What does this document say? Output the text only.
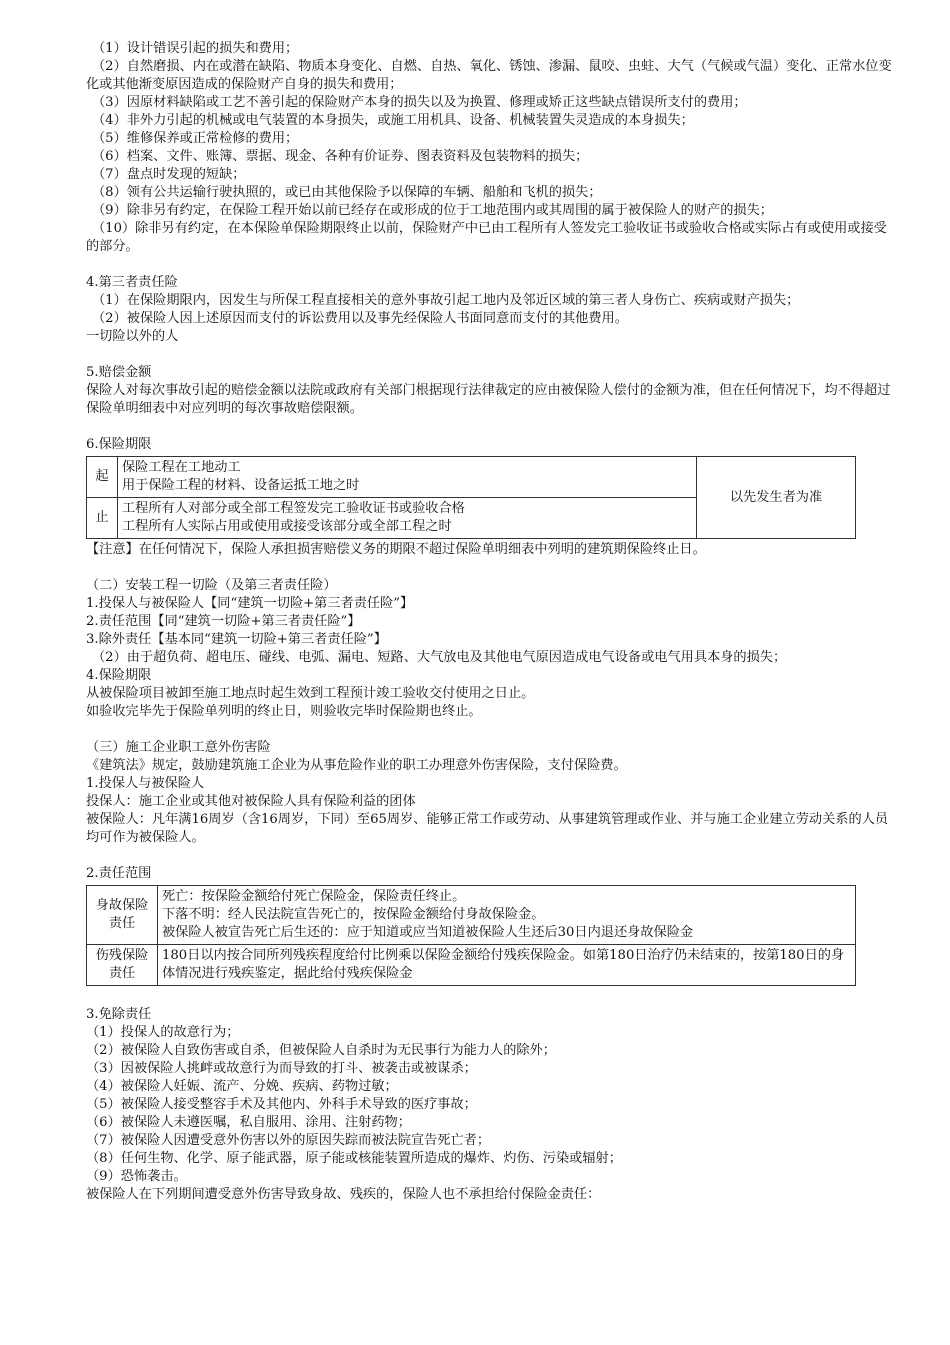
（1）设计错误引起的损失和费用；

（2）自然磨损、内在或潜在缺陷、物质本身变化、自燃、自热、氧化、锈蚀、渗漏、鼠咬、虫蛀、大气（气候或气温）变化、正常水位变化或其他渐变原因造成的保险财产自身的损失和费用；

（3）因原材料缺陷或工艺不善引起的保险财产本身的损失以及为换置、修理或矫正这些缺点错误所支付的费用；

（4）非外力引起的机械或电气装置的本身损失，或施工用机具、设备、机械装置失灵造成的本身损失；

（5）维修保养或正常检修的费用；

（6）档案、文件、账簿、票据、现金、各种有价证券、图表资料及包装物料的损失；

（7）盘点时发现的短缺；

（8）领有公共运输行驶执照的，或已由其他保险予以保障的车辆、船舶和飞机的损失；

（9）除非另有约定，在保险工程开始以前已经存在或形成的位于工地范围内或其周围的属于被保险人的财产的损失；

（10）除非另有约定，在本保险单保险期限终止以前，保险财产中已由工程所有人签发完工验收证书或验收合格或实际占有或使用或接受的部分。

4.第三者责任险

（1）在保险期限内，因发生与所保工程直接相关的意外事故引起工地内及邻近区域的第三者人身伤亡、疾病或财产损失；

（2）被保险人因上述原因而支付的诉讼费用以及事先经保险人书面同意而支付的其他费用。

一切险以外的人

5.赔偿金额

保险人对每次事故引起的赔偿金额以法院或政府有关部门根据现行法律裁定的应由被保险人偿付的金额为准，但在任何情况下，均不得超过保险单明细表中对应列明的每次事故赔偿限额。

6.保险期限

起	保险工程在工地动工
用于保险工程的材料、设备运抵工地之时	以先发生者为准
止	工程所有人对部分或全部工程签发完工验收证书或验收合格
工程所有人实际占用或使用或接受该部分或全部工程之时	

【注意】在任何情况下，保险人承担损害赔偿义务的期限不超过保险单明细表中列明的建筑期保险终止日。

（二）安装工程一切险（及第三者责任险）

1.投保人与被保险人【同“建筑一切险+第三者责任险”】

2.责任范围【同“建筑一切险+第三者责任险”】

3.除外责任【基本同“建筑一切险+第三者责任险”】

（2）由于超负荷、超电压、碰线、电弧、漏电、短路、大气放电及其他电气原因造成电气设备或电气用具本身的损失；

4.保险期限

从被保险项目被卸至施工地点时起生效到工程预计竣工验收交付使用之日止。

如验收完毕先于保险单列明的终止日，则验收完毕时保险期也终止。

（三）施工企业职工意外伤害险

《建筑法》规定，鼓励建筑施工企业为从事危险作业的职工办理意外伤害保险，支付保险费。

1.投保人与被保险人

投保人：施工企业或其他对被保险人具有保险利益的团体

被保险人：凡年满16周岁（含16周岁，下同）至65周岁、能够正常工作或劳动、从事建筑管理或作业、并与施工企业建立劳动关系的人员均可作为被保险人。

2.责任范围

身故保险责任	死亡：按保险金额给付死亡保险金，保险责任终止。
下落不明：经人民法院宣告死亡的，按保险金额给付身故保险金。
被保险人被宣告死亡后生还的：应于知道或应当知道被保险人生还后30日内退还身故保险金

伤残保险责任	180日以内按合同所列残疾程度给付比例乘以保险金额给付残疾保险金。如第180日治疗仍未结束的，按第180日的身体情况进行残疾鉴定，据此给付残疾保险金

3.免除责任

（1）投保人的故意行为；

（2）被保险人自致伤害或自杀，但被保险人自杀时为无民事行为能力人的除外；

（3）因被保险人挑衅或故意行为而导致的打斗、被袭击或被谋杀；

（4）被保险人妊娠、流产、分娩、疾病、药物过敏；

（5）被保险人接受整容手术及其他内、外科手术导致的医疗事故；

（6）被保险人未遵医嘱，私自服用、涂用、注射药物；

（7）被保险人因遭受意外伤害以外的原因失踪而被法院宣告死亡者；

（8）任何生物、化学、原子能武器，原子能或核能装置所造成的爆炸、灼伤、污染或辐射；

（9）恐怖袭击。

被保险人在下列期间遭受意外伤害导致身故、残疾的，保险人也不承担给付保险金责任：
